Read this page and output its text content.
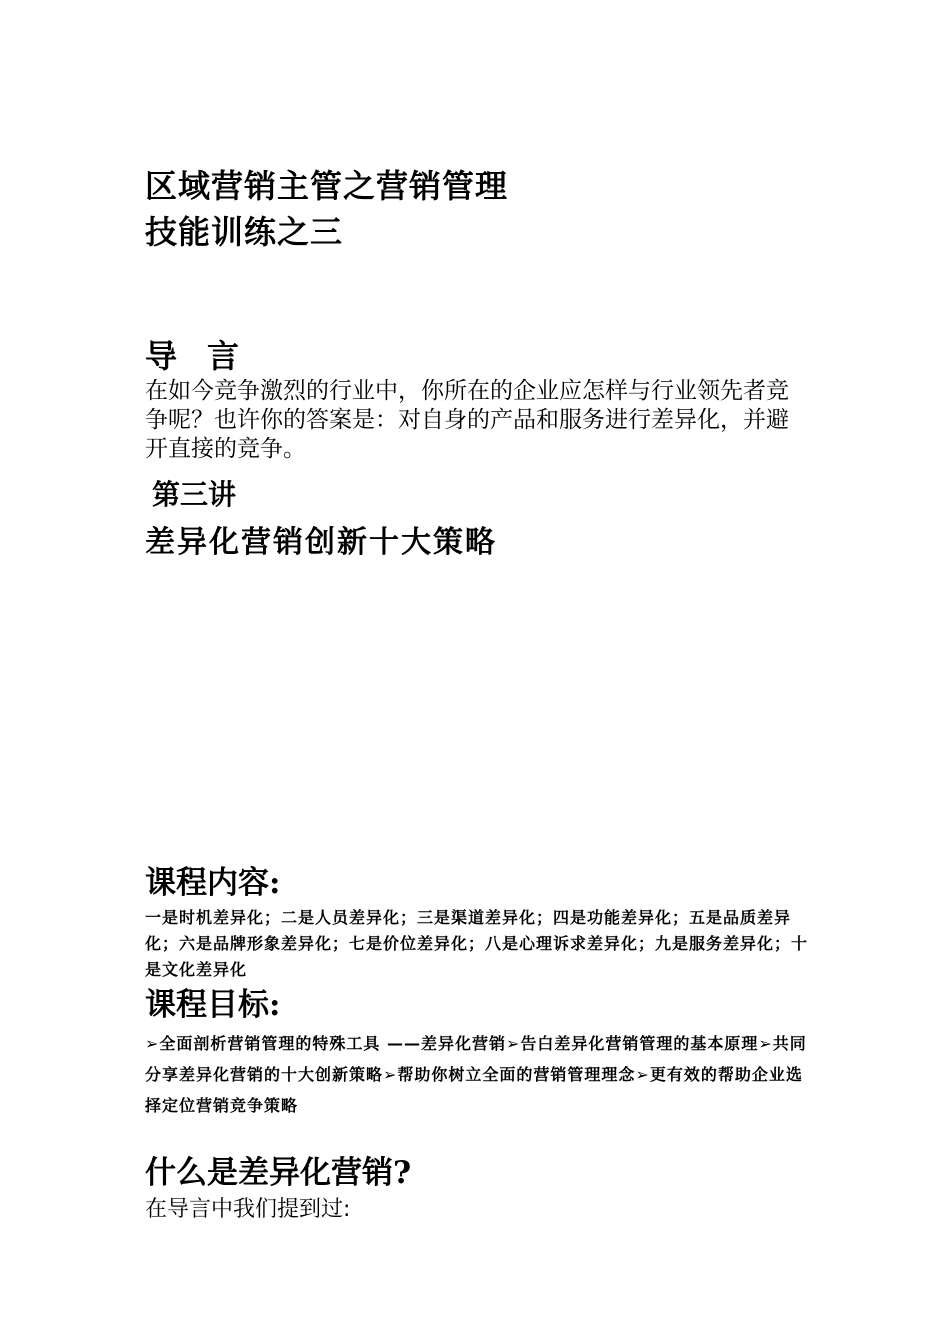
区域营销主管之营销管理
技能训练之三
导 言

在如今竞争激烈的行业中，你所在的企业应怎样与行业领先者竞争呢？也许你的答案是：对自身的产品和服务进行差异化，并避开直接的竞争。

第三讲
差异化营销创新十大策略
课程内容:

一是时机差异化；二是人员差异化；三是渠道差异化；四是功能差异化；五是品质差异化；六是品牌形象差异化；七是价位差异化；八是心理诉求差异化；九是服务差异化；十是文化差异化

课程目标:

➢全面剖析营销管理的特殊工具 ——差异化营销➢告白差异化营销管理的基本原理➢共同分享差异化营销的十大创新策略➢帮助你树立全面的营销管理理念➢更有效的帮助企业选择定位营销竞争策略

什么是差异化营销?

在导言中我们提到过:
